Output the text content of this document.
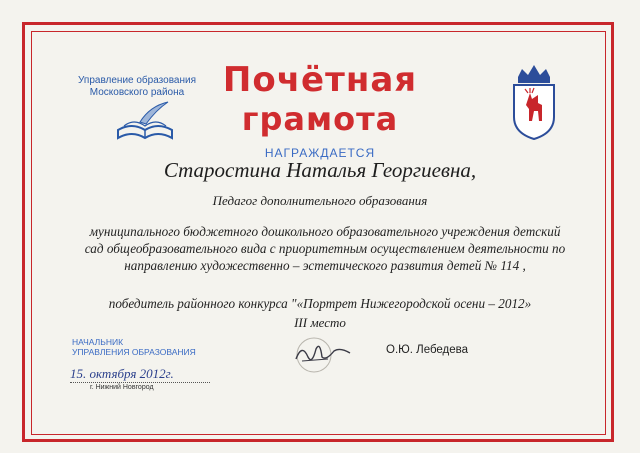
Управление образования
Московского района	Почётная
грамота
НАГРАЖДАЕТСЯ
Старостина Наталья Георгиевна,
Педагог дополнительного образования
муниципального бюджетного дошкольного образовательного учреждения детский
сад общеобразовательного вида с приоритетным осуществлением деятельности по
направлению художественно – эстетического развития детей № 114 ,
победитель районного конкурса "«Портрет Нижегородской осени – 2012»
III место
НАЧАЛЬНИК
УПРАВЛЕНИЯ ОБРАЗОВАНИЯ	О.Ю. Лебедева
15. октября 2012г.
г. Нижний Новгород
